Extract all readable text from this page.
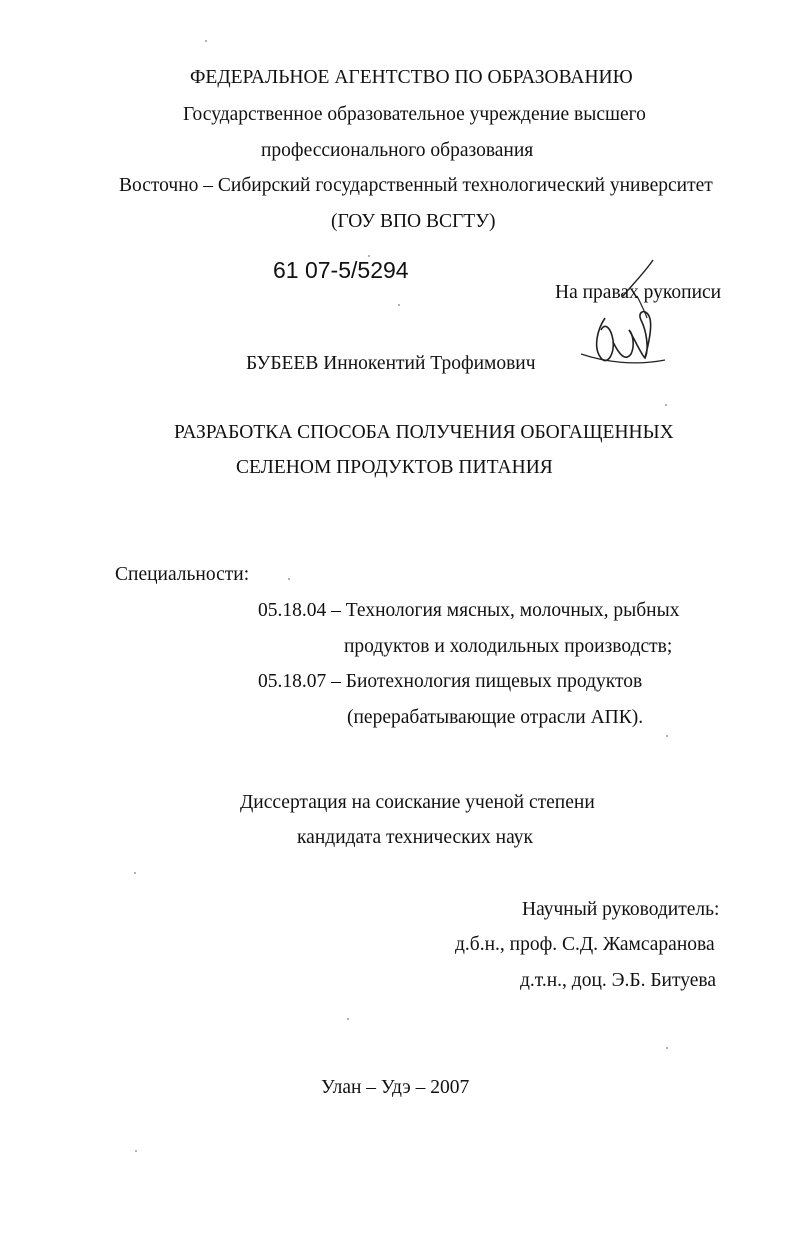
ФЕДЕРАЛЬНОЕ АГЕНТСТВО ПО ОБРАЗОВАНИЮ
Государственное образовательное учреждение высшего
профессионального образования
Восточно – Сибирский государственный технологический университет
(ГОУ ВПО ВСГТУ)
61 07-5/5294
На правах рукописи
БУБЕЕВ Иннокентий Трофимович
РАЗРАБОТКА СПОСОБА ПОЛУЧЕНИЯ ОБОГАЩЕННЫХ
СЕЛЕНОМ ПРОДУКТОВ ПИТАНИЯ
Специальности:
05.18.04 – Технология мясных, молочных, рыбных
продуктов и холодильных производств;
05.18.07 – Биотехнология пищевых продуктов
(перерабатывающие отрасли АПК).
Диссертация на соискание ученой степени
кандидата технических наук
Научный руководитель:
д.б.н., проф. С.Д. Жамсаранова
д.т.н., доц. Э.Б. Битуева
Улан – Удэ – 2007
